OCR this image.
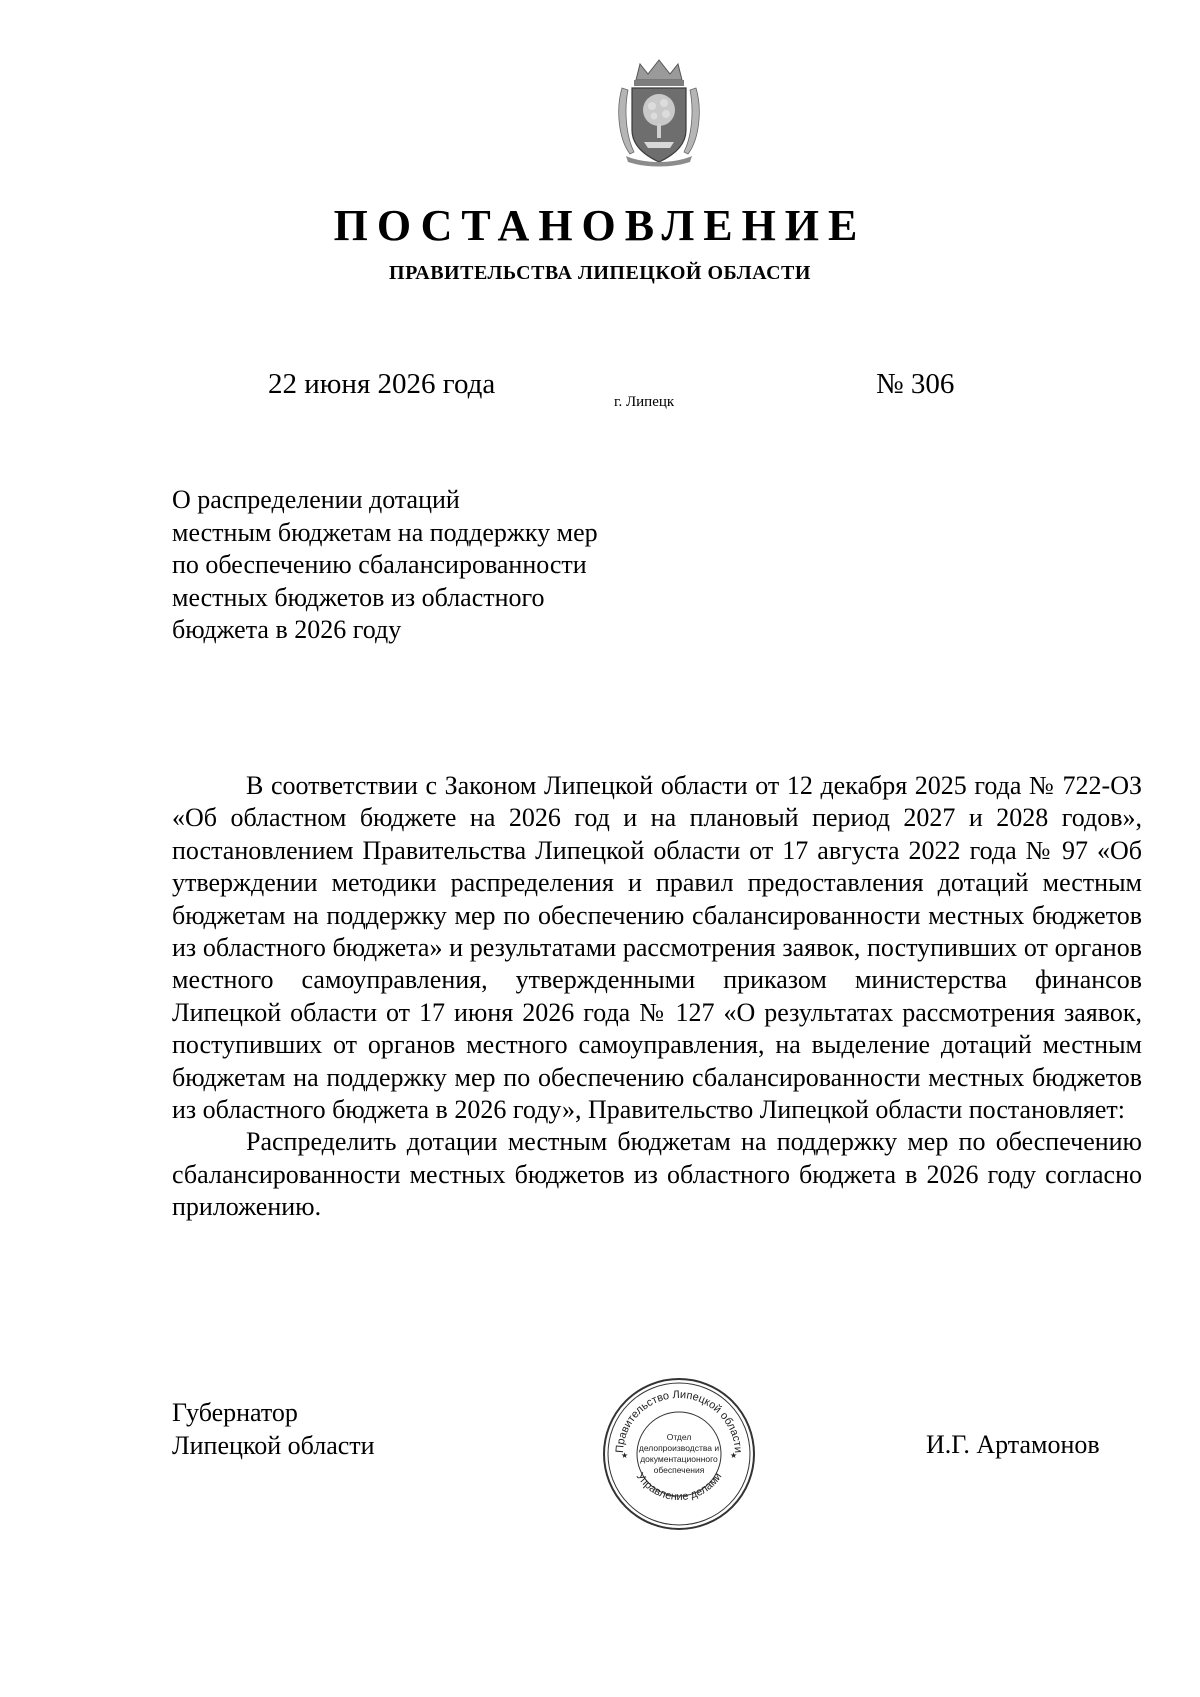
ПОСТАНОВЛЕНИЕ
ПРАВИТЕЛЬСТВА ЛИПЕЦКОЙ ОБЛАСТИ
22 июня 2026 года
г. Липецк
№ 306
О распределении дотаций
местным бюджетам на поддержку мер
по обеспечению сбалансированности
местных бюджетов из областного
бюджета в 2026 году

В соответствии с Законом Липецкой области от 12 декабря 2025 года № 722-ОЗ «Об областном бюджете на 2026 год и на плановый период 2027 и 2028 годов», постановлением Правительства Липецкой области от 17 августа 2022 года № 97 «Об утверждении методики распределения и правил предоставления дотаций местным бюджетам на поддержку мер по обеспечению сбалансированности местных бюджетов из областного бюджета» и результатами рассмотрения заявок, поступивших от органов местного самоуправления, утвержденными приказом министерства финансов Липецкой области от 17 июня 2026 года № 127 «О результатах рассмотрения заявок, поступивших от органов местного самоуправления, на выделение дотаций местным бюджетам на поддержку мер по обеспечению сбалансированности местных бюджетов из областного бюджета в 2026 году», Правительство Липецкой области постановляет:

Распределить дотации местным бюджетам на поддержку мер по обеспечению сбалансированности местных бюджетов из областного бюджета в 2026 году согласно приложению.

Губернатор
Липецкой области	Правительство Липецкой области
Управление делами
Отдел
делопроизводства и
документационного
обеспечения
★	★	И.Г. Артамонов
